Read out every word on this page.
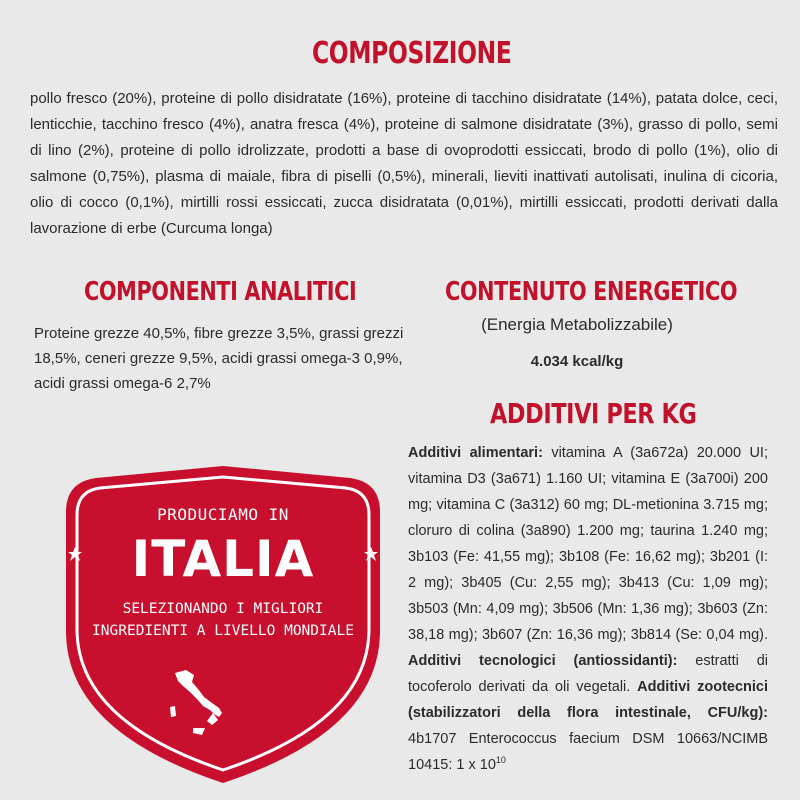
COMPOSIZIONE
pollo fresco (20%), proteine di pollo disidratate (16%), proteine di tacchino disidratate (14%), patata dolce, ceci, lenticchie, tacchino fresco (4%), anatra fresca (4%), proteine di salmone disidratate (3%), grasso di pollo, semi di lino (2%), proteine di pollo idrolizzate, prodotti a base di ovoprodotti essiccati, brodo di pollo (1%), olio di salmone (0,75%), plasma di maiale, fibra di piselli (0,5%), minerali, lieviti inattivati autolisati, inulina di cicoria, olio di cocco (0,1%), mirtilli rossi essiccati, zucca disidratata (0,01%), mirtilli essiccati, prodotti derivati dalla lavorazione di erbe (Curcuma longa)
COMPONENTI ANALITICI
Proteine grezze 40,5%, fibre grezze 3,5%, grassi grezzi 18,5%, ceneri grezze 9,5%, acidi grassi omega-3 0,9%, acidi grassi omega-6 2,7%
CONTENUTO ENERGETICO
(Energia Metabolizzabile)
4.034 kcal/kg
ADDITIVI PER KG
Additivi alimentari: vitamina A (3a672a) 20.000 UI; vitamina D3 (3a671) 1.160 UI; vitamina E (3a700i) 200 mg; vitamina C (3a312) 60 mg; DL-metionina 3.715 mg; cloruro di colina (3a890) 1.200 mg; taurina 1.240 mg; 3b103 (Fe: 41,55 mg); 3b108 (Fe: 16,62 mg); 3b201 (I: 2 mg); 3b405 (Cu: 2,55 mg); 3b413 (Cu: 1,09 mg); 3b503 (Mn: 4,09 mg); 3b506 (Mn: 1,36 mg); 3b603 (Zn: 38,18 mg); 3b607 (Zn: 16,36 mg); 3b814 (Se: 0,04 mg). Additivi tecnologici (antiossidanti): estratti di tocoferolo derivati da oli vegetali. Additivi zootecnici (stabilizzatori della flora intestinale, CFU/kg): 4b1707 Enterococcus faecium DSM 10663/NCIMB 10415: 1 x $10^{10}$
PRODUCIAMO IN
ITALIA
SELEZIONANDO I MIGLIORI INGREDIENTI A LIVELLO MONDIALE
